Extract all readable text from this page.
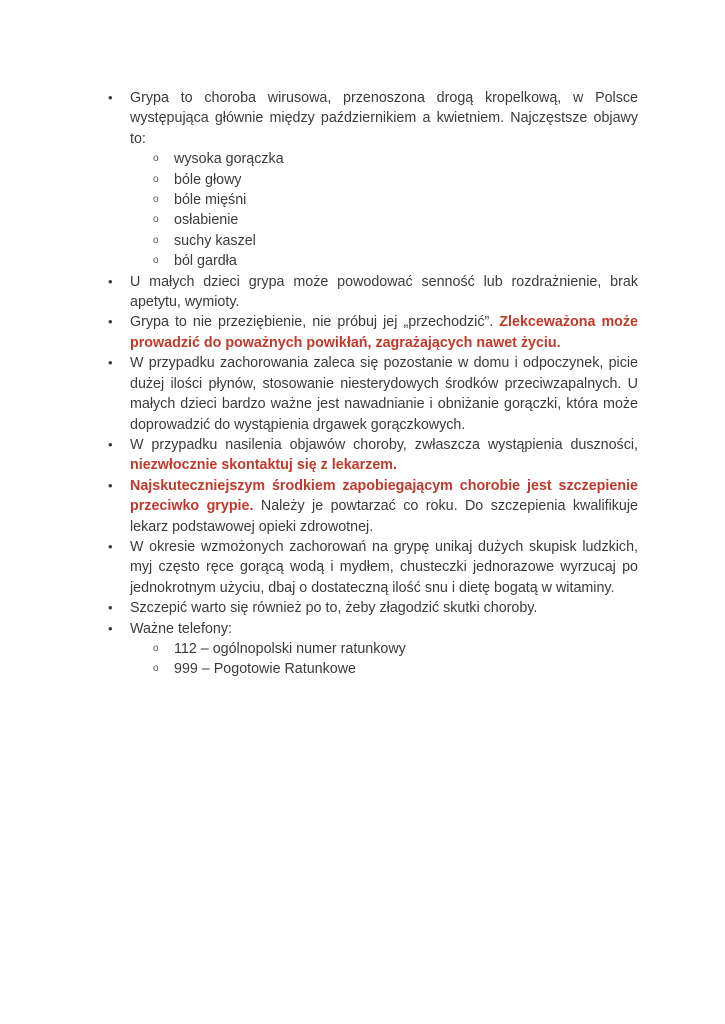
• Grypa to choroba wirusowa, przenoszona drogą kropelkową, w Polsce występująca głównie między październikiem a kwietniem. Najczęstsze objawy to:
o wysoka gorączka
o bóle głowy
o bóle mięśni
o osłabienie
o suchy kaszel
o ból gardła
• U małych dzieci grypa może powodować senność lub rozdrażnienie, brak apetytu, wymioty.
• Grypa to nie przeziębienie, nie próbuj jej „przechodzić”. Zlekceważona może prowadzić do poważnych powikłań, zagrażających nawet życiu.
• W przypadku zachorowania zaleca się pozostanie w domu i odpoczynek, picie dużej ilości płynów, stosowanie niesterydowych środków przeciwzapalnych. U małych dzieci bardzo ważne jest nawadnianie i obniżanie gorączki, która może doprowadzić do wystąpienia drgawek gorączkowych.
• W przypadku nasilenia objawów choroby, zwłaszcza wystąpienia duszności, niezwłocznie skontaktuj się z lekarzem.
• Najskuteczniejszym środkiem zapobiegającym chorobie jest szczepienie przeciwko grypie. Należy je powtarzać co roku. Do szczepienia kwalifikuje lekarz podstawowej opieki zdrowotnej.
• W okresie wzmożonych zachorowań na grypę unikaj dużych skupisk ludzkich, myj często ręce gorącą wodą i mydłem, chusteczki jednorazowe wyrzucaj po jednokrotnym użyciu, dbaj o dostateczną ilość snu i dietę bogatą w witaminy.
• Szczepić warto się również po to, żeby złagodzić skutki choroby.
• Ważne telefony:
o 112 – ogólnopolski numer ratunkowy
o 999 – Pogotowie Ratunkowe
